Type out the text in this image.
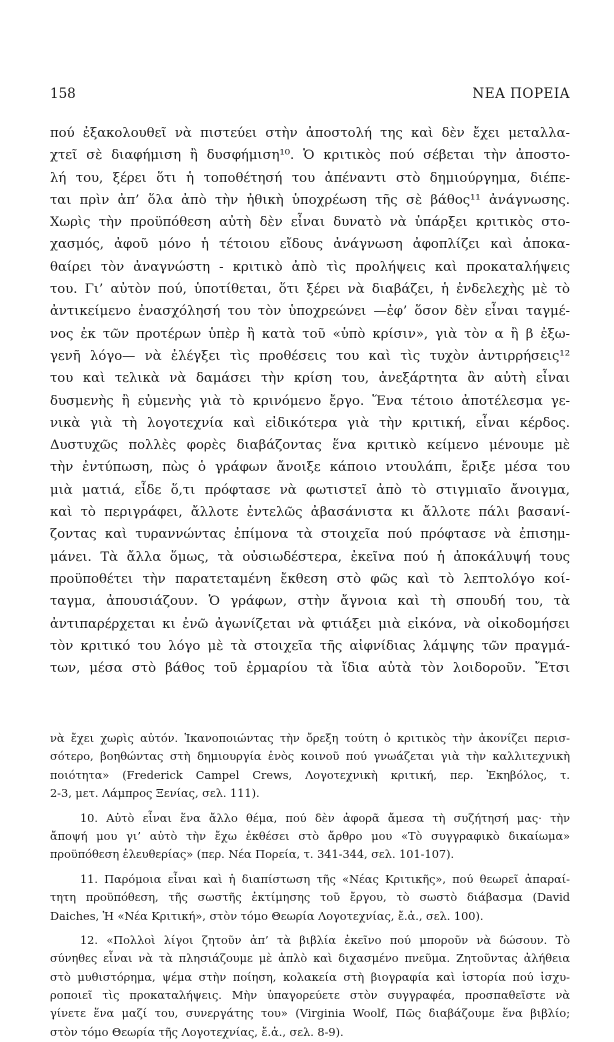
158	ΝΕΑ ΠΟΡΕΙΑ
πού ἐξακολουθεῖ νὰ πιστεύει στὴν ἀποστολή της καὶ δὲν ἔχει μεταλλα-
χτεῖ σὲ διαφήμιση ἢ δυσφήμιση¹⁰. Ὁ κριτικὸς πού σέβεται τὴν ἀποστο-
λή του, ξέρει ὅτι ἡ τοποθέτησή του ἀπέναντι στὸ δημιούργημα, διέπε-
ται πρὶν ἀπ’ ὅλα ἀπὸ τὴν ἠθικὴ ὑποχρέωση τῆς σὲ βάθος¹¹ ἀνάγνωσης.
Χωρὶς τὴν προϋπόθεση αὐτὴ δὲν εἶναι δυνατὸ νὰ ὑπάρξει κριτικὸς στο-
χασμός, ἀφοῦ μόνο ἡ τέτοιου εἴδους ἀνάγνωση ἀφοπλίζει καὶ ἀποκα-
θαίρει τὸν ἀναγνώστη - κριτικὸ ἀπὸ τὶς προλήψεις καὶ προκαταλήψεις
του. Γι’ αὐτὸν πού, ὑποτίθεται, ὅτι ξέρει νὰ διαβάζει, ἡ ἐνδελεχὴς μὲ τὸ
ἀντικείμενο ἐνασχόλησή του τὸν ὑποχρεώνει —ἐφ’ ὅσον δὲν εἶναι ταγμέ-
νος ἐκ τῶν προτέρων ὑπὲρ ἢ κατὰ τοῦ «ὑπὸ κρίσιν», γιὰ τὸν α ἢ β ἐξω-
γενῆ λόγο— νὰ ἐλέγξει τὶς προθέσεις του καὶ τὶς τυχὸν ἀντιρρήσεις¹²
του καὶ τελικὰ νὰ δαμάσει τὴν κρίση του, ἀνεξάρτητα ἂν αὐτὴ εἶναι
δυσμενὴς ἢ εὐμενὴς γιὰ τὸ κρινόμενο ἔργο. Ἕνα τέτοιο ἀποτέλεσμα γε-
νικὰ γιὰ τὴ λογοτεχνία καὶ εἰδικότερα γιὰ τὴν κριτική, εἶναι κέρδος.
Δυστυχῶς πολλὲς φορὲς διαβάζοντας ἕνα κριτικὸ κείμενο μένουμε μὲ
τὴν ἐντύπωση, πὼς ὁ γράφων ἄνοιξε κάποιο ντουλάπι, ἔριξε μέσα του
μιὰ ματιά, εἶδε ὅ,τι πρόφτασε νὰ φωτιστεῖ ἀπὸ τὸ στιγμιαῖο ἄνοιγμα,
καὶ τὸ περιγράφει, ἄλλοτε ἐντελῶς ἀβασάνιστα κι ἄλλοτε πάλι βασανί-
ζοντας καὶ τυραννώντας ἐπίμονα τὰ στοιχεῖα πού πρόφτασε νὰ ἐπισημ-
μάνει. Τὰ ἄλλα ὅμως, τὰ οὐσιωδέστερα, ἐκεῖνα πού ἡ ἀποκάλυψή τους
προϋποθέτει τὴν παρατεταμένη ἔκθεση στὸ φῶς καὶ τὸ λεπτολόγο κοί-
ταγμα, ἀπουσιάζουν. Ὁ γράφων, στὴν ἄγνοια καὶ τὴ σπουδή του, τὰ
ἀντιπαρέρχεται κι ἐνῶ ἀγωνίζεται νὰ φτιάξει μιὰ εἰκόνα, νὰ οἰκοδομήσει
τὸν κριτικό του λόγο μὲ τὰ στοιχεῖα τῆς αἰφνίδιας λάμψης τῶν πραγμά-
των, μέσα στὸ βάθος τοῦ ἐρμαρίου τὰ ἴδια αὐτὰ τὸν λοιδοροῦν. Ἔτσι
νὰ ἔχει χωρὶς αὐτόν. Ἱκανοποιώντας τὴν ὄρεξη τούτη ὁ κριτικὸς τὴν ἀκονίζει περισ-
σότερο, βοηθώντας στὴ δημιουργία ἑνὸς κοινοῦ πού γνωάζεται γιὰ τὴν καλλιτεχνικὴ
ποιότητα» (Frederick Campel Crews, Λογοτεχνικὴ κριτική, περ. Ἐκηβόλος, τ.
2-3, μετ. Λάμπρος Ξενίας, σελ. 111).
10. Αὐτὸ εἶναι ἕνα ἄλλο θέμα, πού δὲν ἀφορᾶ ἄμεσα τὴ συζήτησή μας· τὴν
ἄποψή μου γι’ αὐτὸ τὴν ἔχω ἐκθέσει στὸ ἄρθρο μου «Τὸ συγγραφικὸ δικαίωμα»
προϋπόθεση ἐλευθερίας» (περ. Νέα Πορεία, τ. 341-344, σελ. 101-107).
11. Παρόμοια εἶναι καὶ ἡ διαπίστωση τῆς «Νέας Κριτικῆς», πού θεωρεῖ ἀπαραί-
τητη προϋπόθεση, τῆς σωστῆς ἐκτίμησης τοῦ ἔργου, τὸ σωστὸ διάβασμα (David
Daiches, Ἡ «Νέα Κριτική», στὸν τόμο Θεωρία Λογοτεχνίας, ἔ.ἀ., σελ. 100).
12. «Πολλοὶ λίγοι ζητοῦν ἀπ’ τὰ βιβλία ἐκεῖνο πού μποροῦν νὰ δώσουν. Τὸ
σύνηθες εἶναι νὰ τὰ πλησιάζουμε μὲ ἀπλὸ καὶ διχασμένο πνεῦμα. Ζητοῦντας ἀλήθεια
στὸ μυθιστόρημα, ψέμα στὴν ποίηση, κολακεία στὴ βιογραφία καὶ ἱστορία πού ἰσχυ-
ροποιεῖ τὶς προκαταλήψεις. Μὴν ὑπαγορεύετε στὸν συγγραφέα, προσπαθεῖστε νὰ
γίνετε ἕνα μαζί του, συνεργάτης του» (Virginia Woolf, Πῶς διαβάζουμε ἕνα βιβλίο;
στὸν τόμο Θεωρία τῆς Λογοτεχνίας, ἔ.ἀ., σελ. 8-9).
